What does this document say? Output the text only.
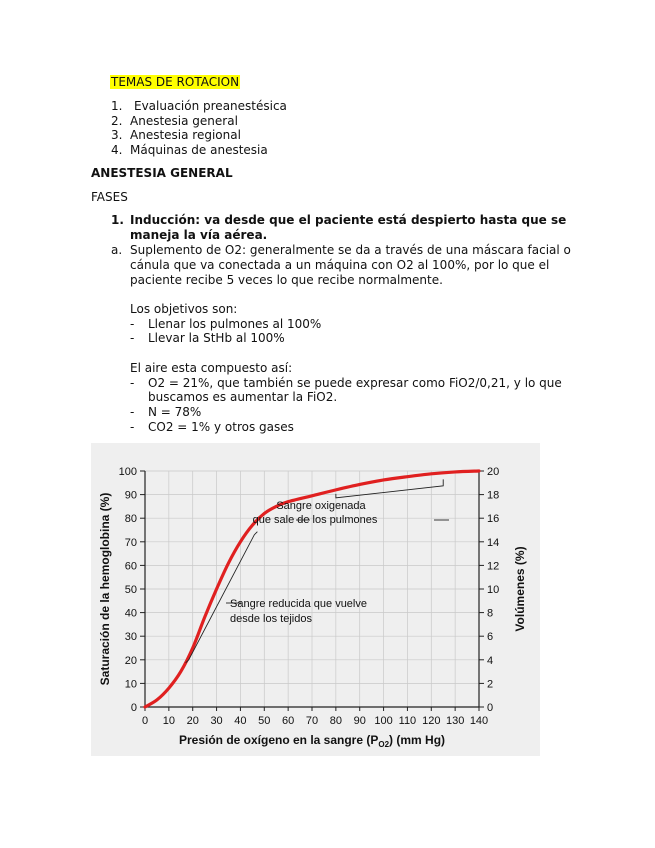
TEMAS DE ROTACION
1. Evaluación preanestésica
2. Anestesia general
3. Anestesia regional
4. Máquinas de anestesia
ANESTESIA GENERAL
FASES
1. Inducción: va desde que el paciente está despierto hasta que se
maneja la vía aérea.
a. Suplemento de O2: generalmente se da a través de una máscara facial o
cánula que va conectada a un máquina con O2 al 100%, por lo que el
paciente recibe 5 veces lo que recibe normalmente.
Los objetivos son:
- Llenar los pulmones al 100%
- Llevar la StHb al 100%
El aire esta compuesto así:
- O2 = 21%, que también se puede expresar como FiO2/0,21, y lo que
buscamos es aumentar la FiO2.
- N = 78%
- CO2 = 1% y otros gases
0 10 20 30 40 50 60 70 80 90 100 110 120 130 140
0
10
20
30
40
50
60
70
80
90
100
0
2
4
6
8
10
12
14
16
18
20
Presión de oxígeno en la sangre $(P_{O2})$ (mm Hg)
Saturación de la hemoglobina (%)	Volúmenes (%)
Sangre oxigenada
que sale de los pulmones
Sangre reducida que vuelve
desde los tejidos
